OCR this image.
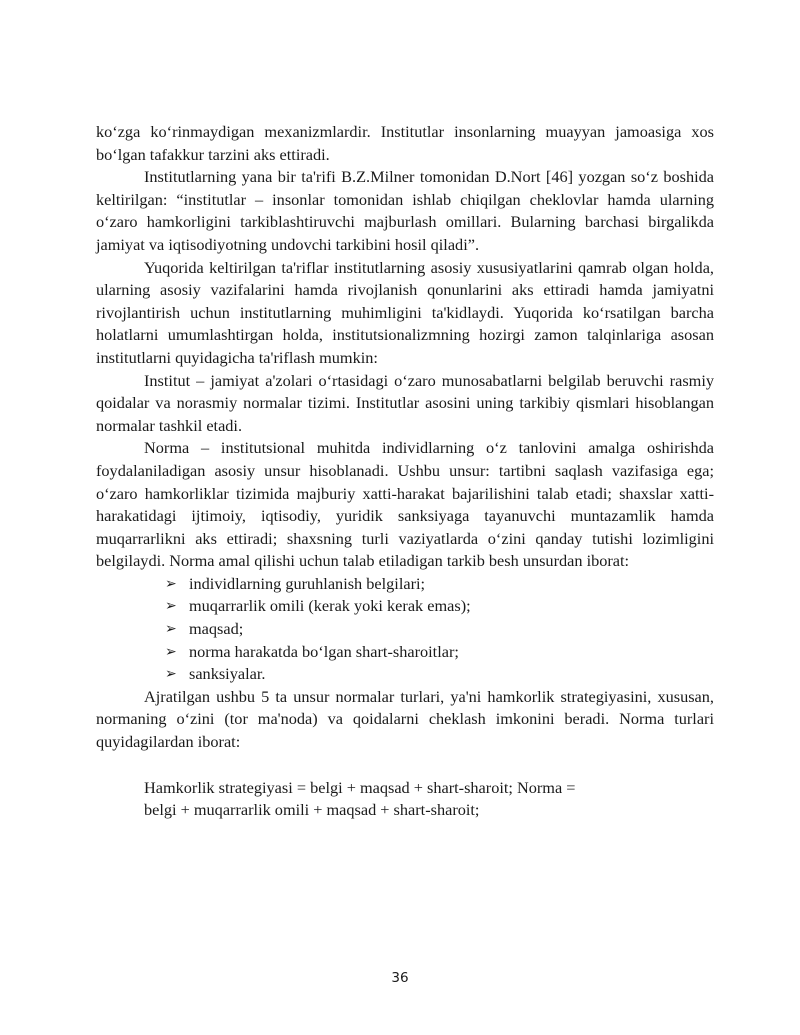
ko‘zga ko‘rinmaydigan mexanizmlardir. Institutlar insonlarning muayyan jamoasiga xos bo‘lgan tafakkur tarzini aks ettiradi.

Institutlarning yana bir ta'rifi B.Z.Milner tomonidan D.Nort [46] yozgan so‘z boshida keltirilgan: “institutlar – insonlar tomonidan ishlab chiqilgan cheklovlar hamda ularning o‘zaro hamkorligini tarkiblashtiruvchi majburlash omillari. Bularning barchasi birgalikda jamiyat va iqtisodiyotning undovchi tarkibini hosil qiladi”.

Yuqorida keltirilgan ta'riflar institutlarning asosiy xususiyatlarini qamrab olgan holda, ularning asosiy vazifalarini hamda rivojlanish qonunlarini aks ettiradi hamda jamiyatni rivojlantirish uchun institutlarning muhimligini ta'kidlaydi. Yuqorida ko‘rsatilgan barcha holatlarni umumlashtirgan holda, institutsionalizmning hozirgi zamon talqinlariga asosan institutlarni quyidagicha ta'riflash mumkin:

Institut – jamiyat a'zolari o‘rtasidagi o‘zaro munosabatlarni belgilab beruvchi rasmiy qoidalar va norasmiy normalar tizimi. Institutlar asosini uning tarkibiy qismlari hisoblangan normalar tashkil etadi.

Norma – institutsional muhitda individlarning o‘z tanlovini amalga oshirishda foydalaniladigan asosiy unsur hisoblanadi. Ushbu unsur: tartibni saqlash vazifasiga ega; o‘zaro hamkorliklar tizimida majburiy xatti-harakat bajarilishini talab etadi; shaxslar xatti-harakatidagi ijtimoiy, iqtisodiy, yuridik sanksiyaga tayanuvchi muntazamlik hamda muqarrarlikni aks ettiradi; shaxsning turli vaziyatlarda o‘zini qanday tutishi lozimligini belgilaydi. Norma amal qilishi uchun talab etiladigan tarkib besh unsurdan iborat:

➢ individlarning guruhlanish belgilari;
➢ muqarrarlik omili (kerak yoki kerak emas);
➢ maqsad;
➢ norma harakatda bo‘lgan shart-sharoitlar;
➢ sanksiyalar.

Ajratilgan ushbu 5 ta unsur normalar turlari, ya'ni hamkorlik strategiyasini, xususan, normaning o‘zini (tor ma'noda) va qoidalarni cheklash imkonini beradi. Norma turlari quyidagilardan iborat:

Hamkorlik strategiyasi = belgi + maqsad + shart-sharoit; Norma =
belgi + muqarrarlik omili + maqsad + shart-sharoit;

36
